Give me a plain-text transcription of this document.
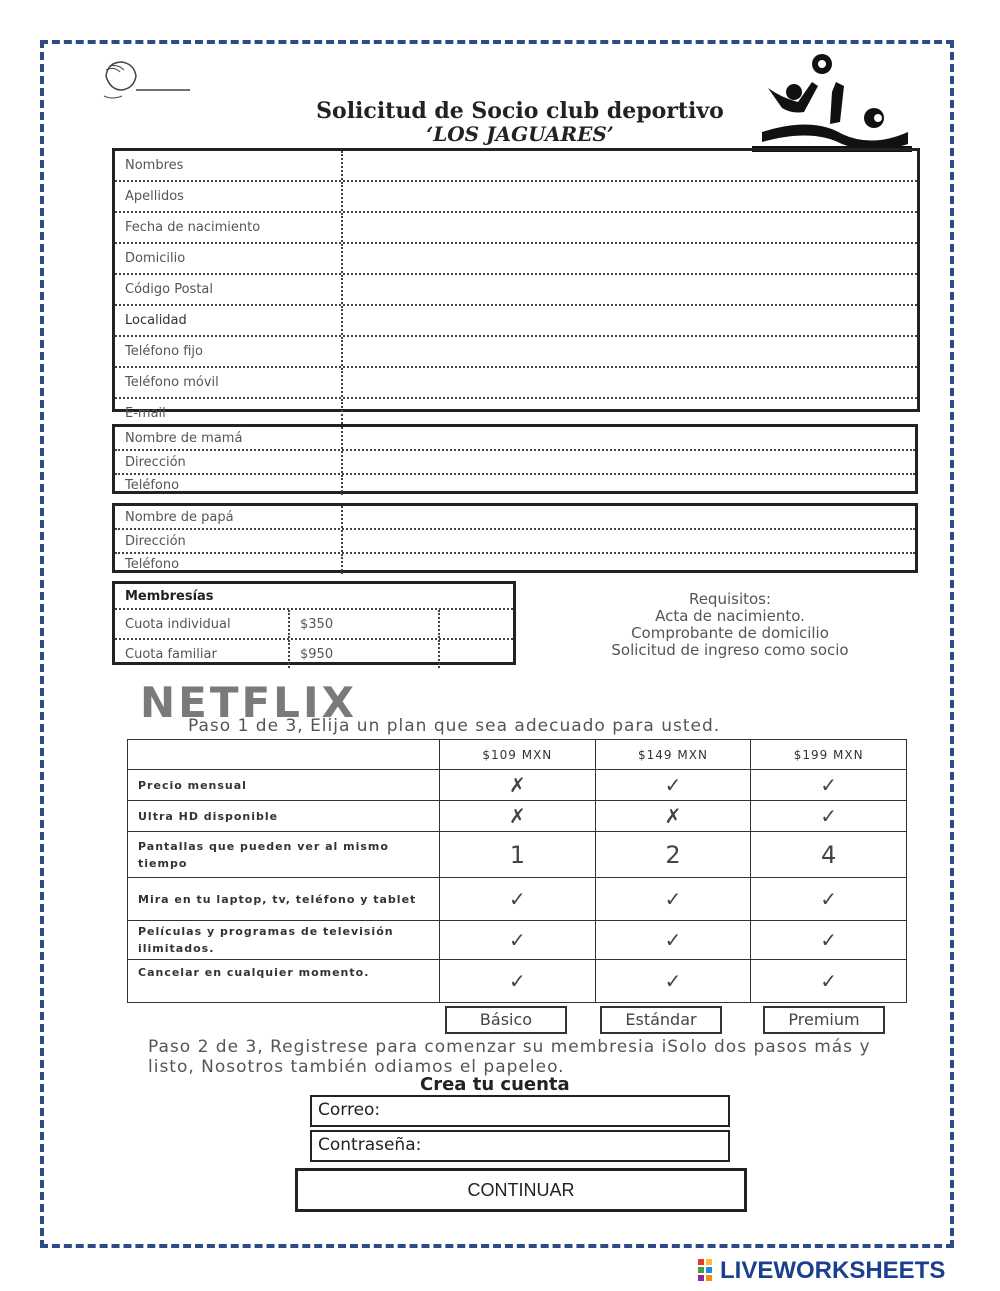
Solicitud de Socio club deportivo
‘LOS JAGUARES’
Nombres
Apellidos
Fecha de nacimiento
Domicilio
Código Postal
Localidad
Teléfono fijo
Teléfono móvil
E-mail
Nombre de mamá
Dirección
Teléfono
Nombre de papá
Dirección
Teléfono
Membresías
Cuota individual	$350
Cuota familiar	$950
Requisitos:
Acta de nacimiento.
Comprobante de domicilio
Solicitud de ingreso como socio
NETFLIX
Paso 1 de 3, Elija un plan que sea adecuado para usted.
	$109 MXN	$149 MXN	$199 MXN
Precio mensual	✗	✓	✓
Ultra HD disponible	✗	✗	✓
Pantallas que pueden ver al mismo tiempo	1	2	4
Mira en tu laptop, tv, teléfono y tablet	✓	✓	✓
Películas y programas de televisión ilimitados.	✓	✓	✓
Cancelar en cualquier momento.	✓	✓	✓
Básico	Estándar	Premium
Paso 2 de 3, Registrese para comenzar su membresia iSolo dos pasos más y listo, Nosotros también odiamos el papeleo.
Crea tu cuenta
Correo:
Contraseña:
CONTINUAR
LIVEWORKSHEETS
